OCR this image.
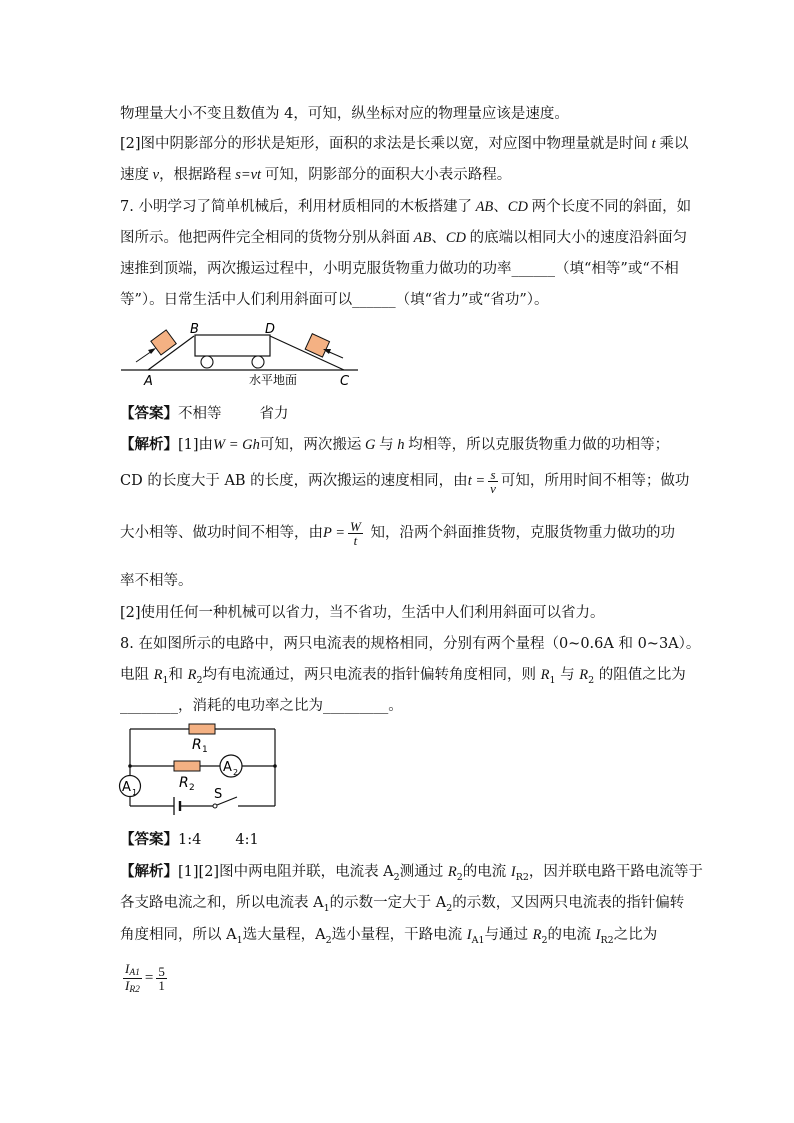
物理量大小不变且数值为 4，可知，纵坐标对应的物理量应该是速度。
[2]图中阴影部分的形状是矩形，面积的求法是长乘以宽，对应图中物理量就是时间 t 乘以
速度 v，根据路程 s=vt 可知，阴影部分的面积大小表示路程。
7. 小明学习了简单机械后，利用材质相同的木板搭建了 AB、CD 两个长度不同的斜面，如
图所示。他把两件完全相同的货物分别从斜面 AB、CD 的底端以相同大小的速度沿斜面匀
速推到顶端，两次搬运过程中，小明克服货物重力做功的功率______（填“相等”或“不相
等”）。日常生活中人们利用斜面可以______（填“省力”或“省功”）。
B	D
A	C
水平地面
【答案】不相等	省力
【解析】[1]由W = Gh可知，两次搬运 G 与 h 均相等，所以克服货物重力做的功相等；
CD 的长度大于 AB 的长度，两次搬运的速度相同，由$t = \frac{s}{v}$ 可知，所用时间不相等；做功
大小相等、做功时间不相等，由$P = \frac{W}{t}$ 知，沿两个斜面推货物，克服货物重力做功的功
率不相等。
[2]使用任何一种机械可以省力，当不省功，生活中人们利用斜面可以省力。
8. 在如图所示的电路中，两只电流表的规格相同，分别有两个量程（0~0.6A 和 0~3A）。
电阻 $R_1$和 $R_2$均有电流通过，两只电流表的指针偏转角度相同，则 $R_1$ 与 $R_2$ 的阻值之比为
________，消耗的电功率之比为_________。
R 1
R 2
A 2
A 1	S
【答案】1:4 4:1
【解析】[1][2]图中两电阻并联，电流表 $A_2$测通过 $R_2$的电流 $I_{R2}$，因并联电路干路电流等于
各支路电流之和，所以电流表 $A_1$的示数一定大于 $A_2$的示数，又因两只电流表的指针偏转
角度相同，所以 $A_1$选大量程，$A_2$选小量程，干路电流 $I_{A1}$与通过 $R_2$的电流 $I_{R2}$之比为
$\frac{IA1}{IR2} = \frac{5}{1}$
